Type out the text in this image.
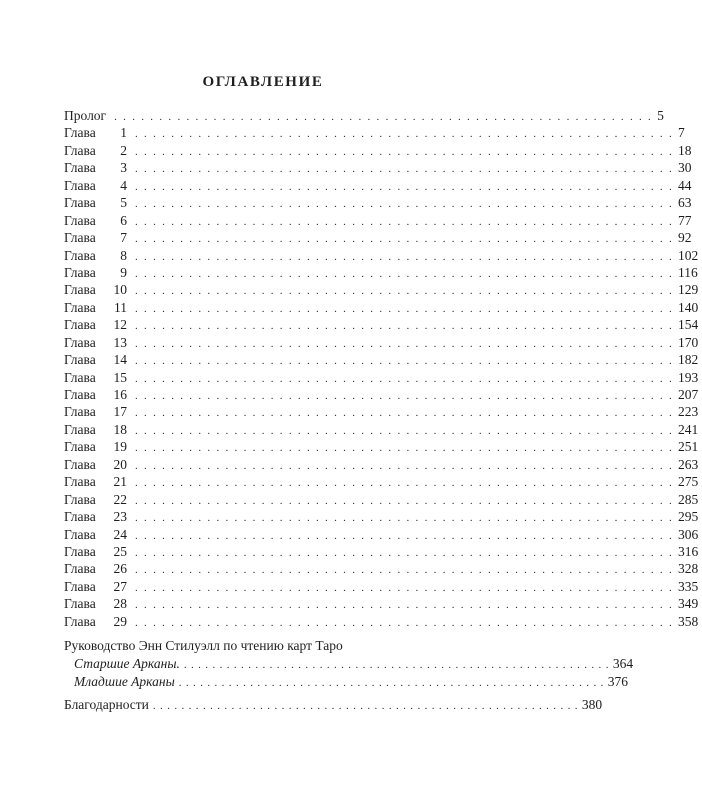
ОГЛАВЛЕНИЕ
Пролог ............................................................ 5
Глава	1 ............................................................ 7
Глава	2 ............................................................ 18
Глава	3 ............................................................ 30
Глава	4 ............................................................ 44
Глава	5 ............................................................ 63
Глава	6 ............................................................ 77
Глава	7 ............................................................ 92
Глава	8 ............................................................ 102
Глава	9 ............................................................ 116
Глава	10 ............................................................ 129
Глава	11 ............................................................ 140
Глава	12 ............................................................ 154
Глава	13 ............................................................ 170
Глава	14 ............................................................ 182
Глава	15 ............................................................ 193
Глава	16 ............................................................ 207
Глава	17 ............................................................ 223
Глава	18 ............................................................ 241
Глава	19 ............................................................ 251
Глава	20 ............................................................ 263
Глава	21 ............................................................ 275
Глава	22 ............................................................ 285
Глава	23 ............................................................ 295
Глава	24 ............................................................ 306
Глава	25 ............................................................ 316
Глава	26 ............................................................ 328
Глава	27 ............................................................ 335
Глава	28 ............................................................ 349
Глава	29 ............................................................ 358
Руководство Энн Стилуэлл по чтению карт Таро
Старшие Арканы. ............................................................ 364
Младшие Арканы ............................................................ 376
Благодарности ............................................................ 380
